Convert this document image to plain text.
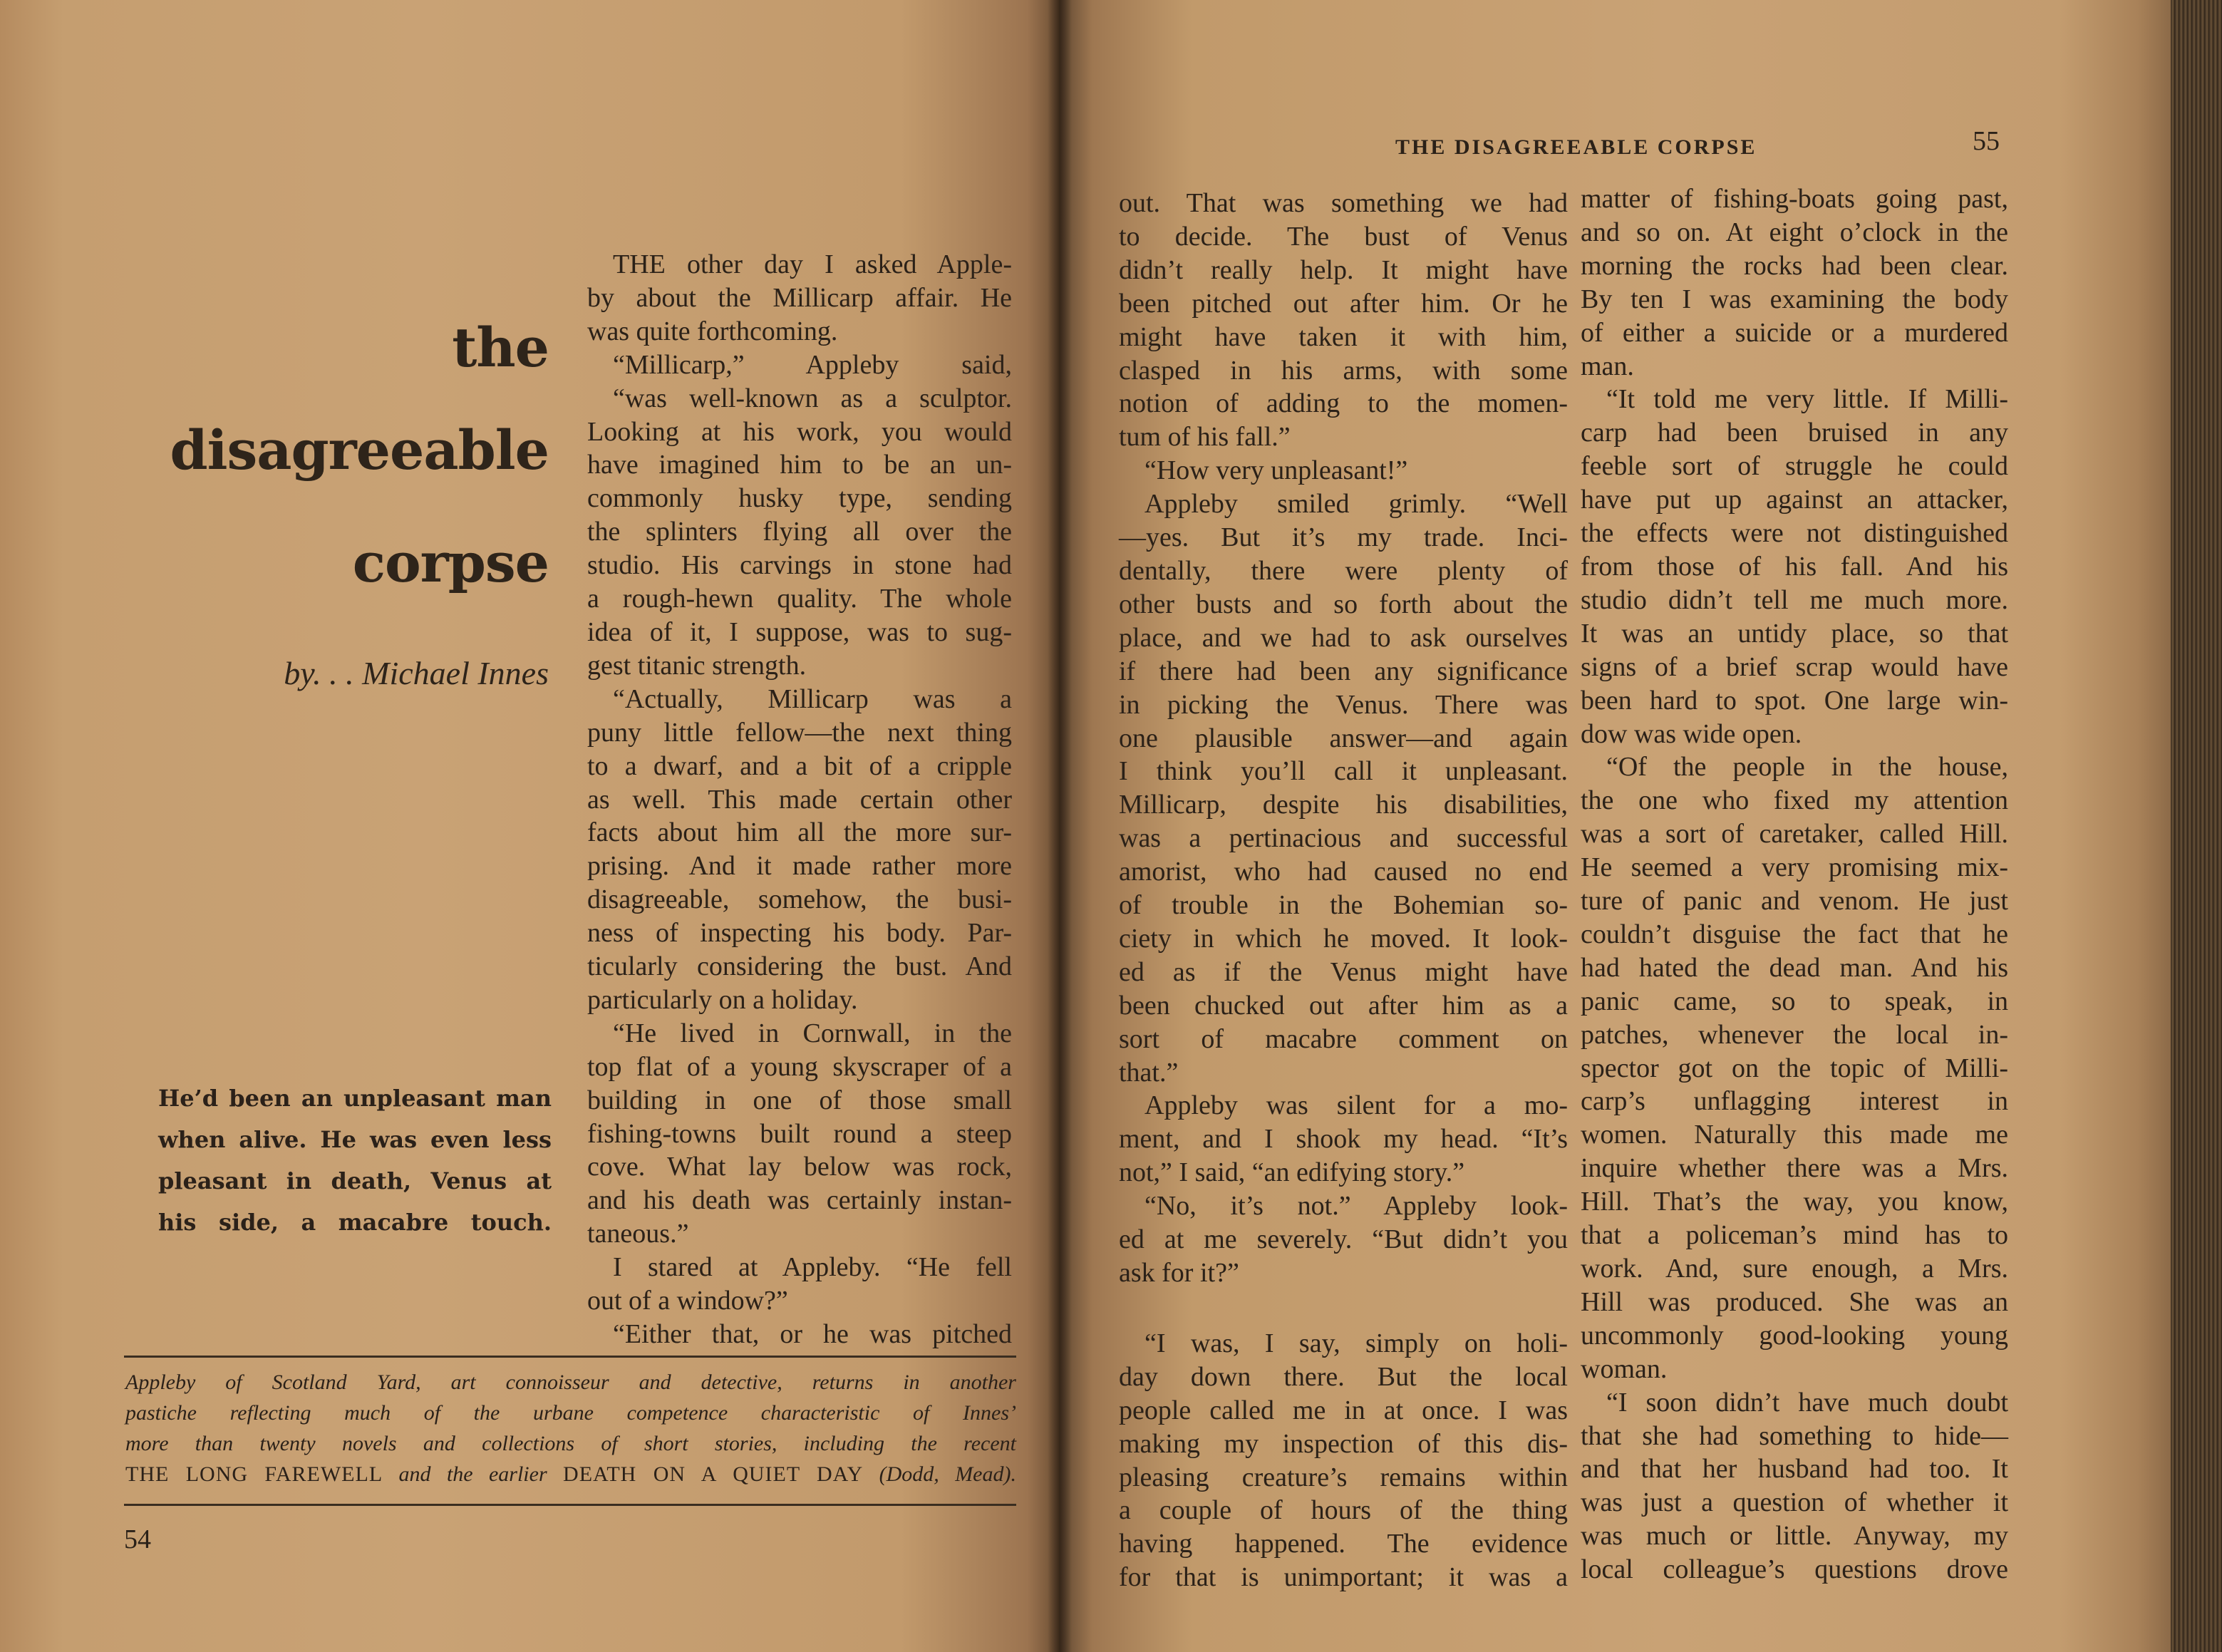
the
disagreeable
corpse
by. . . Michael Innes
He’d been an unpleasant man
when alive. He was even less
pleasant in death, Venus at
his side, a macabre touch.
THE other day I asked Apple-
by about the Millicarp affair. He
was quite forthcoming.
“Millicarp,” Appleby said,
“was well-known as a sculptor.
Looking at his work, you would
have imagined him to be an un-
commonly husky type, sending
the splinters flying all over the
studio. His carvings in stone had
a rough-hewn quality. The whole
idea of it, I suppose, was to sug-
gest titanic strength.
“Actually, Millicarp was a
puny little fellow—the next thing
to a dwarf, and a bit of a cripple
as well. This made certain other
facts about him all the more sur-
prising. And it made rather more
disagreeable, somehow, the busi-
ness of inspecting his body. Par-
ticularly considering the bust. And
particularly on a holiday.
“He lived in Cornwall, in the
top flat of a young skyscraper of a
building in one of those small
fishing-towns built round a steep
cove. What lay below was rock,
and his death was certainly instan-
taneous.”
I stared at Appleby. “He fell
out of a window?”
“Either that, or he was pitched
Appleby of Scotland Yard, art connoisseur and detective, returns in another
pastiche reflecting much of the urbane competence characteristic of Innes’
more than twenty novels and collections of short stories, including the recent
THE LONG FAREWELL and the earlier DEATH ON A QUIET DAY (Dodd, Mead).
54
THE DISAGREEABLE CORPSE	55
out. That was something we had
to decide. The bust of Venus
didn’t really help. It might have
been pitched out after him. Or he
might have taken it with him,
clasped in his arms, with some
notion of adding to the momen-
tum of his fall.”
“How very unpleasant!”
Appleby smiled grimly. “Well
—yes. But it’s my trade. Inci-
dentally, there were plenty of
other busts and so forth about the
place, and we had to ask ourselves
if there had been any significance
in picking the Venus. There was
one plausible answer—and again
I think you’ll call it unpleasant.
Millicarp, despite his disabilities,
was a pertinacious and successful
amorist, who had caused no end
of trouble in the Bohemian so-
ciety in which he moved. It look-
ed as if the Venus might have
been chucked out after him as a
sort of macabre comment on
that.”
Appleby was silent for a mo-
ment, and I shook my head. “It’s
not,” I said, “an edifying story.”
“No, it’s not.” Appleby look-
ed at me severely. “But didn’t you
ask for it?”
“I was, I say, simply on holi-
day down there. But the local
people called me in at once. I was
making my inspection of this dis-
pleasing creature’s remains within
a couple of hours of the thing
having happened. The evidence
for that is unimportant; it was a
matter of fishing-boats going past,
and so on. At eight o’clock in the
morning the rocks had been clear.
By ten I was examining the body
of either a suicide or a murdered
man.
“It told me very little. If Milli-
carp had been bruised in any
feeble sort of struggle he could
have put up against an attacker,
the effects were not distinguished
from those of his fall. And his
studio didn’t tell me much more.
It was an untidy place, so that
signs of a brief scrap would have
been hard to spot. One large win-
dow was wide open.
“Of the people in the house,
the one who fixed my attention
was a sort of caretaker, called Hill.
He seemed a very promising mix-
ture of panic and venom. He just
couldn’t disguise the fact that he
had hated the dead man. And his
panic came, so to speak, in
patches, whenever the local in-
spector got on the topic of Milli-
carp’s unflagging interest in
women. Naturally this made me
inquire whether there was a Mrs.
Hill. That’s the way, you know,
that a policeman’s mind has to
work. And, sure enough, a Mrs.
Hill was produced. She was an
uncommonly good-looking young
woman.
“I soon didn’t have much doubt
that she had something to hide—
and that her husband had too. It
was just a question of whether it
was much or little. Anyway, my
local colleague’s questions drove
